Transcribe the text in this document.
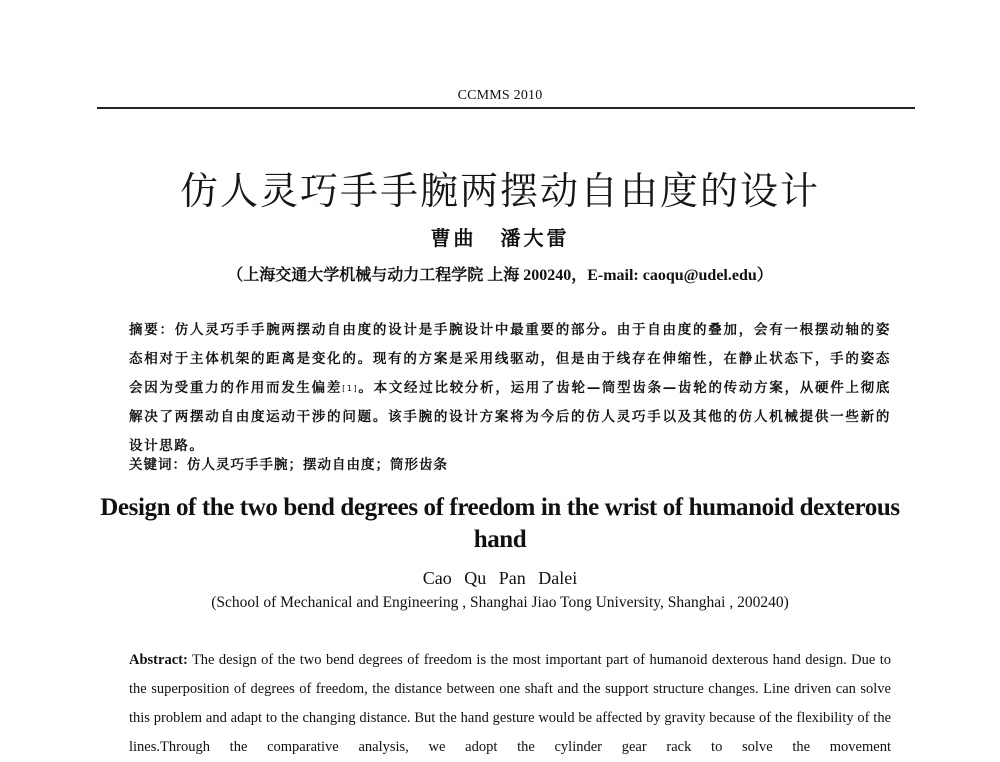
CCMMS 2010
仿人灵巧手手腕两摆动自由度的设计
曹曲 潘大雷
（上海交通大学机械与动力工程学院 上海 200240，E-mail: caoqu@udel.edu）
摘要：仿人灵巧手手腕两摆动自由度的设计是手腕设计中最重要的部分。由于自由度的叠加，会有一根摆动轴的姿态相对于主体机架的距离是变化的。现有的方案是采用线驱动，但是由于线存在伸缩性，在静止状态下，手的姿态会因为受重力的作用而发生偏差[1]。本文经过比较分析，运用了齿轮—筒型齿条—齿轮的传动方案，从硬件上彻底解决了两摆动自由度运动干涉的问题。该手腕的设计方案将为今后的仿人灵巧手以及其他的仿人机械提供一些新的设计思路。
关键词：仿人灵巧手手腕；摆动自由度；筒形齿条
Design of the two bend degrees of freedom in the wrist of humanoid dexterous hand
Cao Qu Pan Dalei
(School of Mechanical and Engineering , Shanghai Jiao Tong University, Shanghai , 200240)
Abstract: The design of the two bend degrees of freedom is the most important part of humanoid dexterous hand design. Due to the superposition of degrees of freedom, the distance between one shaft and the support structure changes. Line driven can solve this problem and adapt to the changing distance. But the hand gesture would be affected by gravity because of the flexibility of the lines.Through the comparative analysis, we adopt the cylinder gear rack to solve the movement
